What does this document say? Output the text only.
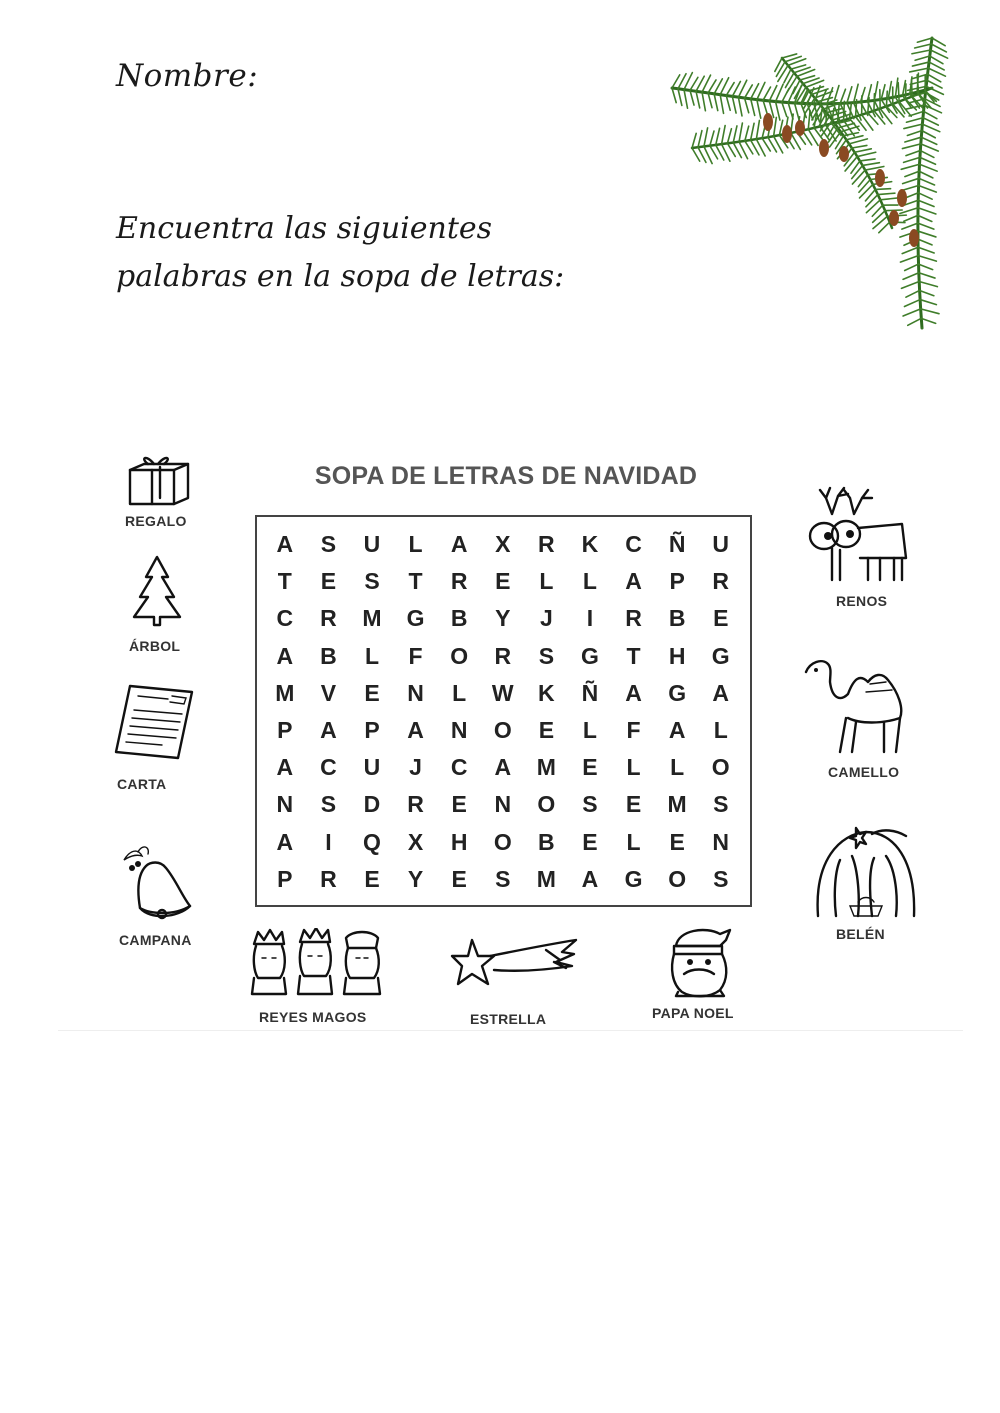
Nombre:
Encuentra las siguientes
palabras en la sopa de letras:
SOPA DE LETRAS DE NAVIDAD
A	S	U	L	A	X	R	K	C	Ñ	U
T	E	S	T	R	E	L	L	A	P	R
C	R	M	G	B	Y	J	I	R	B	E
A	B	L	F	O	R	S	G	T	H	G
M	V	E	N	L	W	K	Ñ	A	G	A
P	A	P	A	N	O	E	L	F	A	L
A	C	U	J	C	A	M	E	L	L	O
N	S	D	R	E	N	O	S	E	M	S
A	I	Q	X	H	O	B	E	L	E	N
P	R	E	Y	E	S	M	A	G	O	S
REGALO
ÁRBOL
CARTA
CAMPANA
RENOS
CAMELLO
BELÉN
REYES MAGOS	ESTRELLA	PAPA NOEL
